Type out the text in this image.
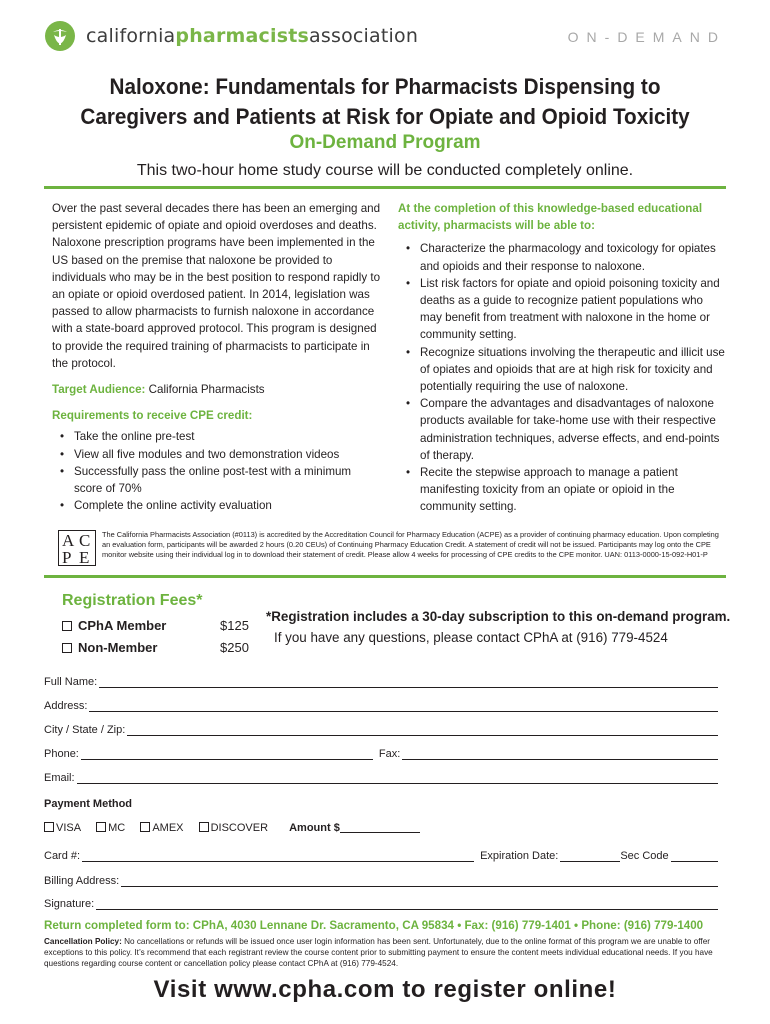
californiapharmacistsassociation	ON-DEMAND
Naloxone: Fundamentals for Pharmacists Dispensing to
Caregivers and Patients at Risk for Opiate and Opioid Toxicity
On-Demand Program
This two-hour home study course will be conducted completely online.

Over the past several decades there has been an emerging and persistent epidemic of opiate and opioid overdoses and deaths. Naloxone prescription programs have been implemented in the US based on the premise that naloxone be provided to individuals who may be in the best position to respond rapidly to an opiate or opioid overdosed patient. In 2014, legislation was passed to allow pharmacists to furnish naloxone in accordance with a state-board approved protocol. This program is designed to provide the required training of pharmacists to participate in the protocol.

Target Audience: California Pharmacists

Requirements to receive CPE credit:

• Take the online pre-test
• View all five modules and two demonstration videos
• Successfully pass the online post-test with a minimum score of 70%
• Complete the online activity evaluation

At the completion of this knowledge-based educational activity, pharmacists will be able to:

• Characterize the pharmacology and toxicology for opiates and opioids and their response to naloxone.
• List risk factors for opiate and opioid poisoning toxicity and deaths as a guide to recognize patient populations who may benefit from treatment with naloxone in the home or community setting.
• Recognize situations involving the therapeutic and illicit use of opiates and opioids that are at high risk for toxicity and potentially requiring the use of naloxone.
• Compare the advantages and disadvantages of naloxone products available for take-home use with their respective administration techniques, adverse effects, and end-points of therapy.
• Recite the stepwise approach to manage a patient manifesting toxicity from an opiate or opioid in the community setting.
A C
P E
The California Pharmacists Association (#0113) is accredited by the Accreditation Council for Pharmacy Education (ACPE) as a provider of continuing pharmacy education. Upon completing an evaluation form, participants will be awarded 2 hours (0.20 CEUs) of Continuing Pharmacy Education Credit. A statement of credit will not be issued. Participants may log onto the CPE monitor website using their individual log in to download their statement of credit. Please allow 4 weeks for processing of CPE credits to the CPE monitor. UAN: 0113-0000-15-092-H01-P
Registration Fees*
CPhA Member	$125
Non-Member	$250
*Registration includes a 30-day subscription to this on-demand program.
If you have any questions, please contact CPhA at (916) 779-4524
Full Name:
Address:
City / State / Zip:
Phone:	Fax:
Email:
Payment Method
VISA MC AMEX DISCOVER Amount $
Card #:	Expiration Date:	Sec Code
Billing Address:
Signature:
Return completed form to: CPhA, 4030 Lennane Dr. Sacramento, CA 95834 • Fax: (916) 779-1401 • Phone: (916) 779-1400
Cancellation Policy: No cancellations or refunds will be issued once user login information has been sent. Unfortunately, due to the online format of this program we are unable to offer exceptions to this policy. It’s recommend that each registrant review the course content prior to submitting payment to ensure the content meets individual educational needs. If you have questions regarding course content or cancellation policy please contact CPhA at (916) 779-4524.
Visit www.cpha.com to register online!
